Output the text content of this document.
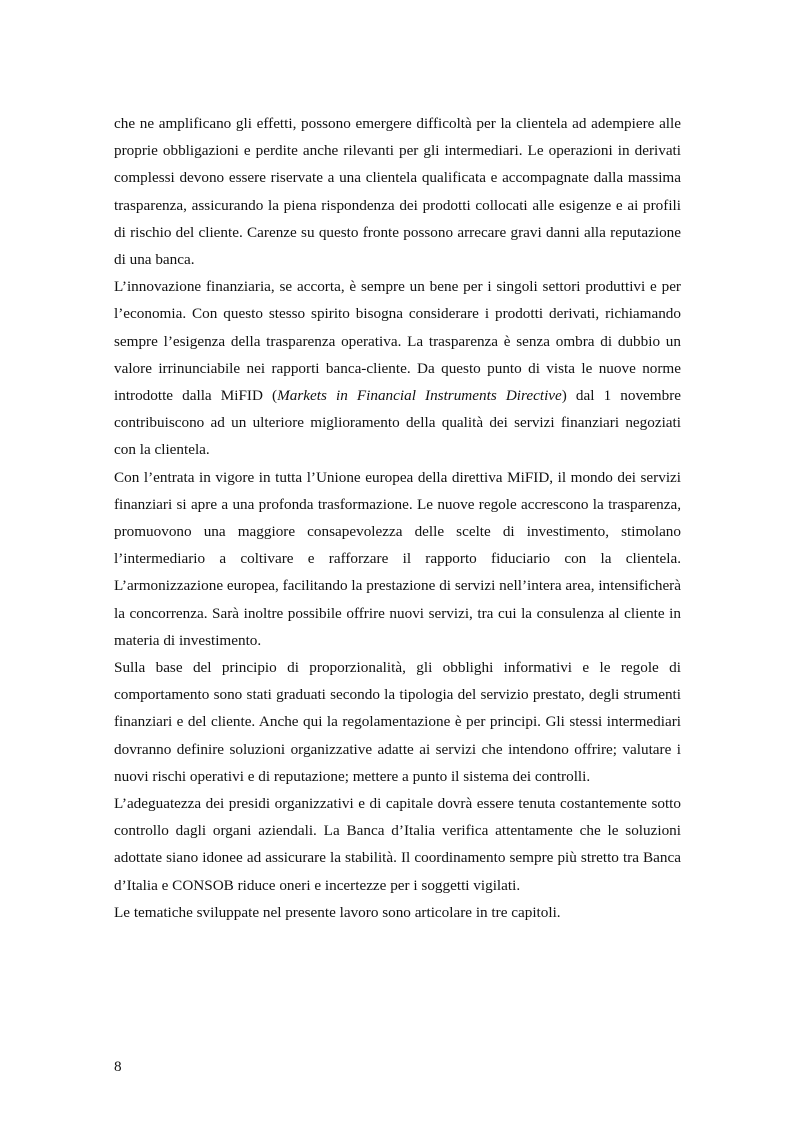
che ne amplificano gli effetti, possono emergere difficoltà per la clientela ad adempiere alle proprie obbligazioni e perdite anche rilevanti per gli intermediari. Le operazioni in derivati complessi devono essere riservate a una clientela qualificata e accompagnate dalla massima trasparenza, assicurando la piena rispondenza dei prodotti collocati alle esigenze e ai profili di rischio del cliente. Carenze su questo fronte possono arrecare gravi danni alla reputazione di una banca.

L’innovazione finanziaria, se accorta, è sempre un bene per i singoli settori produttivi e per l’economia. Con questo stesso spirito bisogna considerare i prodotti derivati, richiamando sempre l’esigenza della trasparenza operativa. La trasparenza è senza ombra di dubbio un valore irrinunciabile nei rapporti banca-cliente. Da questo punto di vista le nuove norme introdotte dalla MiFID (Markets in Financial Instruments Directive) dal 1 novembre contribuiscono ad un ulteriore miglioramento della qualità dei servizi finanziari negoziati con la clientela.

Con l’entrata in vigore in tutta l’Unione europea della direttiva MiFID, il mondo dei servizi finanziari si apre a una profonda trasformazione. Le nuove regole accrescono la trasparenza, promuovono una maggiore consapevolezza delle scelte di investimento, stimolano l’intermediario a coltivare e rafforzare il rapporto fiduciario con la clientela. L’armonizzazione europea, facilitando la prestazione di servizi nell’intera area, intensificherà la concorrenza. Sarà inoltre possibile offrire nuovi servizi, tra cui la consulenza al cliente in materia di investimento.

Sulla base del principio di proporzionalità, gli obblighi informativi e le regole di comportamento sono stati graduati secondo la tipologia del servizio prestato, degli strumenti finanziari e del cliente. Anche qui la regolamentazione è per principi. Gli stessi intermediari dovranno definire soluzioni organizzative adatte ai servizi che intendono offrire; valutare i nuovi rischi operativi e di reputazione; mettere a punto il sistema dei controlli.

L’adeguatezza dei presidi organizzativi e di capitale dovrà essere tenuta costantemente sotto controllo dagli organi aziendali. La Banca d’Italia verifica attentamente che le soluzioni adottate siano idonee ad assicurare la stabilità. Il coordinamento sempre più stretto tra Banca d’Italia e CONSOB riduce oneri e incertezze per i soggetti vigilati.

Le tematiche sviluppate nel presente lavoro sono articolare in tre capitoli.

8
